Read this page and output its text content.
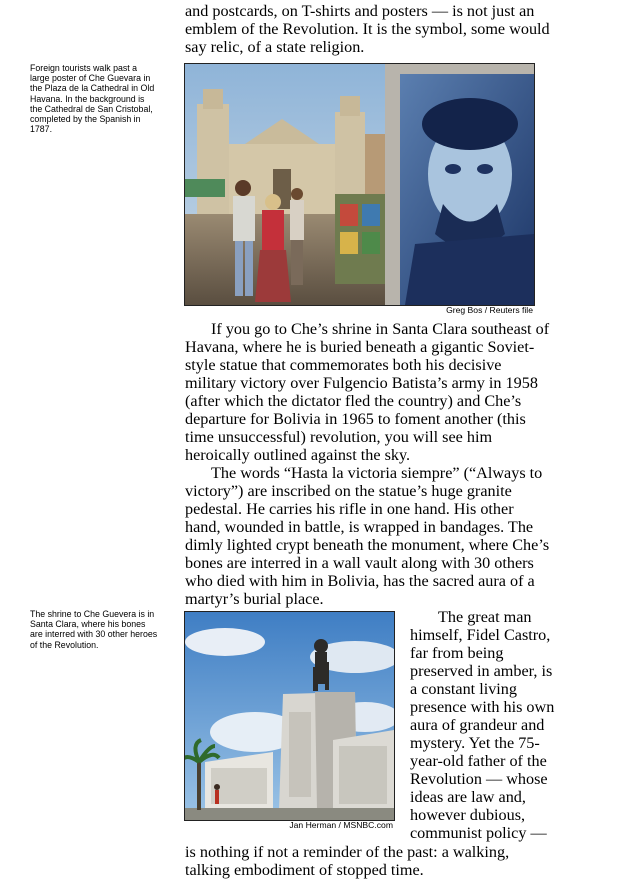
and postcards, on T-shirts and posters — is not just an emblem of the Revolution. It is the symbol, some would say relic, of a state religion.

Foreign tourists walk past a large poster of Che Guevara in the Plaza de la Cathedral in Old Havana. In the background is the Cathedral de San Cristobal, completed by the Spanish in 1787.
Greg Bos / Reuters file

If you go to Che’s shrine in Santa Clara southeast of Havana, where he is buried beneath a gigantic Soviet-style statue that commemorates both his decisive military victory over Fulgencio Batista’s army in 1958 (after which the dictator fled the country) and Che’s departure for Bolivia in 1965 to foment another (this time unsuccessful) revolution, you will see him heroically outlined against the sky.

The words “Hasta la victoria siempre” (“Always to victory”) are inscribed on the statue’s huge granite pedestal. He carries his rifle in one hand. His other hand, wounded in battle, is wrapped in bandages. The dimly lighted crypt beneath the monument, where Che’s bones are interred in a wall vault along with 30 others who died with him in Bolivia, has the sacred aura of a martyr’s burial place.

The shrine to Che Guevera is in Santa Clara, where his bones are interred with 30 other heroes of the Revolution.
Jan Herman / MSNBC.com

The great man himself, Fidel Castro, far from being preserved in amber, is a constant living presence with his own aura of grandeur and mystery. Yet the 75-year-old father of the Revolution — whose ideas are law and, however dubious, communist policy —

is nothing if not a reminder of the past: a walking, talking embodiment of stopped time.
